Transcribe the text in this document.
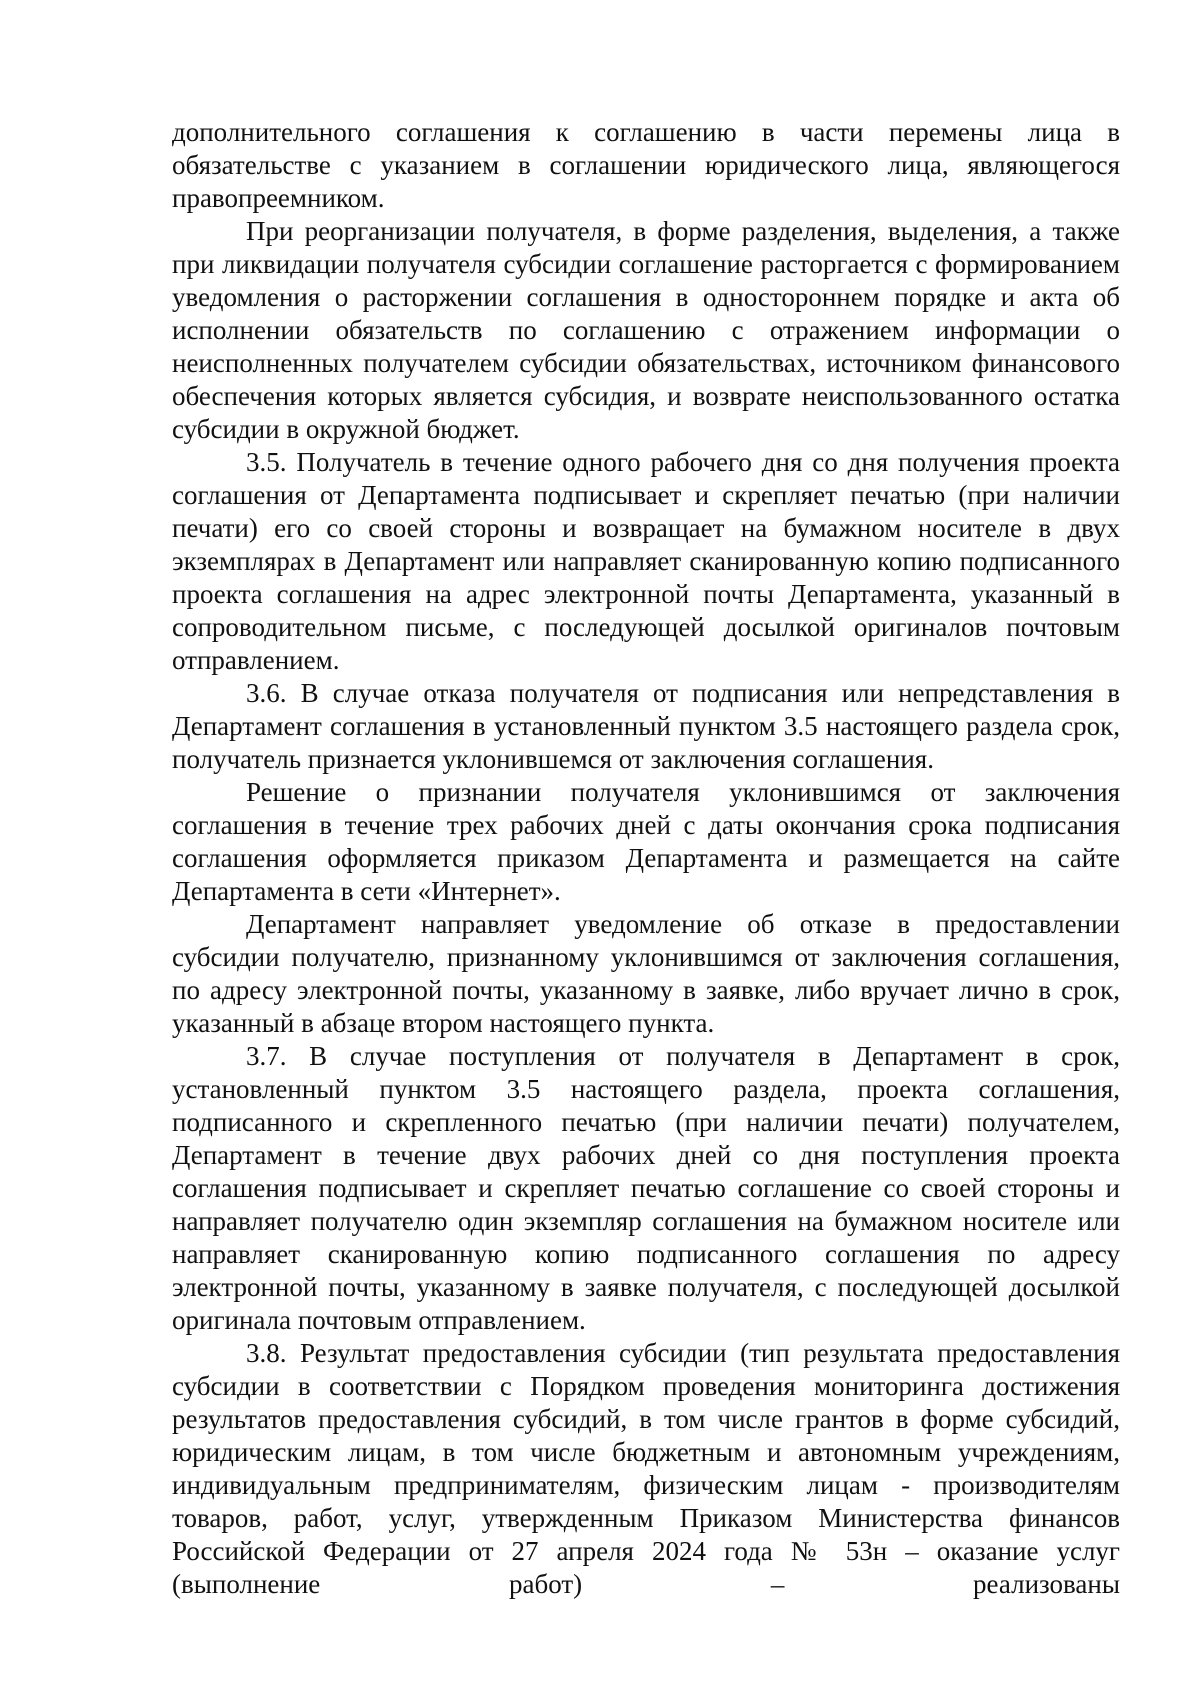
дополнительного соглашения к соглашению в части перемены лица в обязательстве с указанием в соглашении юридического лица, являющегося правопреемником.

При реорганизации получателя, в форме разделения, выделения, а также при ликвидации получателя субсидии соглашение расторгается с формированием уведомления о расторжении соглашения в одностороннем порядке и акта об исполнении обязательств по соглашению с отражением информации о неисполненных получателем субсидии обязательствах, источником финансового обеспечения которых является субсидия, и возврате неиспользованного остатка субсидии в окружной бюджет.

3.5. Получатель в течение одного рабочего дня со дня получения проекта соглашения от Департамента подписывает и скрепляет печатью (при наличии печати) его со своей стороны и возвращает на бумажном носителе в двух экземплярах в Департамент или направляет сканированную копию подписанного проекта соглашения на адрес электронной почты Департамента, указанный в сопроводительном письме, с последующей досылкой оригиналов почтовым отправлением.

3.6. В случае отказа получателя от подписания или непредставления в Департамент соглашения в установленный пунктом 3.5 настоящего раздела срок, получатель признается уклонившемся от заключения соглашения.

Решение о признании получателя уклонившимся от заключения соглашения в течение трех рабочих дней с даты окончания срока подписания соглашения оформляется приказом Департамента и размещается на сайте Департамента в сети «Интернет».

Департамент направляет уведомление об отказе в предоставлении субсидии получателю, признанному уклонившимся от заключения соглашения, по адресу электронной почты, указанному в заявке, либо вручает лично в срок, указанный в абзаце втором настоящего пункта.

3.7. В случае поступления от получателя в Департамент в срок, установленный пунктом 3.5 настоящего раздела, проекта соглашения, подписанного и скрепленного печатью (при наличии печати) получателем, Департамент в течение двух рабочих дней со дня поступления проекта соглашения подписывает и скрепляет печатью соглашение со своей стороны и направляет получателю один экземпляр соглашения на бумажном носителе или направляет сканированную копию подписанного соглашения по адресу электронной почты, указанному в заявке получателя, с последующей досылкой оригинала почтовым отправлением.

3.8. Результат предоставления субсидии (тип результата предоставления субсидии в соответствии с Порядком проведения мониторинга достижения результатов предоставления субсидий, в том числе грантов в форме субсидий, юридическим лицам, в том числе бюджетным и автономным учреждениям, индивидуальным предпринимателям, физическим лицам - производителям товаров, работ, услуг, утвержденным Приказом Министерства финансов Российской Федерации от 27 апреля 2024 года № 53н – оказание услуг (выполнение работ) – реализованы
